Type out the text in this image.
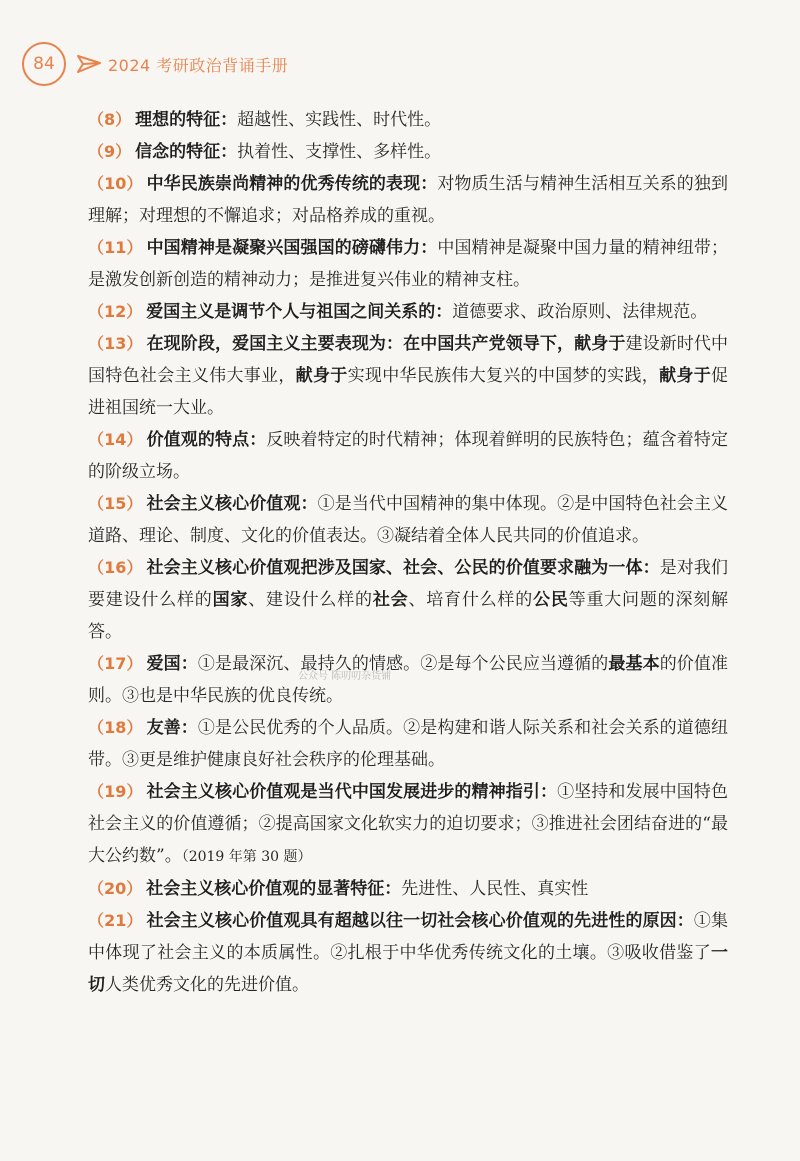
84	2024 考研政治背诵手册

（8） 理想的特征：超越性、实践性、时代性。

（9） 信念的特征：执着性、支撑性、多样性。

（10） 中华民族崇尚精神的优秀传统的表现：对物质生活与精神生活相互关系的独到理解；对理想的不懈追求；对品格养成的重视。

（11） 中国精神是凝聚兴国强国的磅礴伟力：中国精神是凝聚中国力量的精神纽带；是激发创新创造的精神动力；是推进复兴伟业的精神支柱。

（12） 爱国主义是调节个人与祖国之间关系的：道德要求、政治原则、法律规范。

（13） 在现阶段，爱国主义主要表现为：在中国共产党领导下，献身于建设新时代中国特色社会主义伟大事业，献身于实现中华民族伟大复兴的中国梦的实践，献身于促进祖国统一大业。

（14） 价值观的特点：反映着特定的时代精神；体现着鲜明的民族特色；蕴含着特定的阶级立场。

（15） 社会主义核心价值观：①是当代中国精神的集中体现。②是中国特色社会主义道路、理论、制度、文化的价值表达。③凝结着全体人民共同的价值追求。

（16） 社会主义核心价值观把涉及国家、社会、公民的价值要求融为一体：是对我们要建设什么样的国家、建设什么样的社会、培育什么样的公民等重大问题的深刻解答。

（17） 爱国：①是最深沉、最持久的情感。②是每个公民应当遵循的最基本的价值准则。③也是中华民族的优良传统。

（18） 友善：①是公民优秀的个人品质。②是构建和谐人际关系和社会关系的道德纽带。③更是维护健康良好社会秩序的伦理基础。

（19） 社会主义核心价值观是当代中国发展进步的精神指引：①坚持和发展中国特色社会主义的价值遵循；②提高国家文化软实力的迫切要求；③推进社会团结奋进的“最大公约数”。（2019 年第 30 题）

（20） 社会主义核心价值观的显著特征：先进性、人民性、真实性

（21） 社会主义核心价值观具有超越以往一切社会核心价值观的先进性的原因：①集中体现了社会主义的本质属性。②扎根于中华优秀传统文化的土壤。③吸收借鉴了一切人类优秀文化的先进价值。

公众号 陈叨叨杂货铺
